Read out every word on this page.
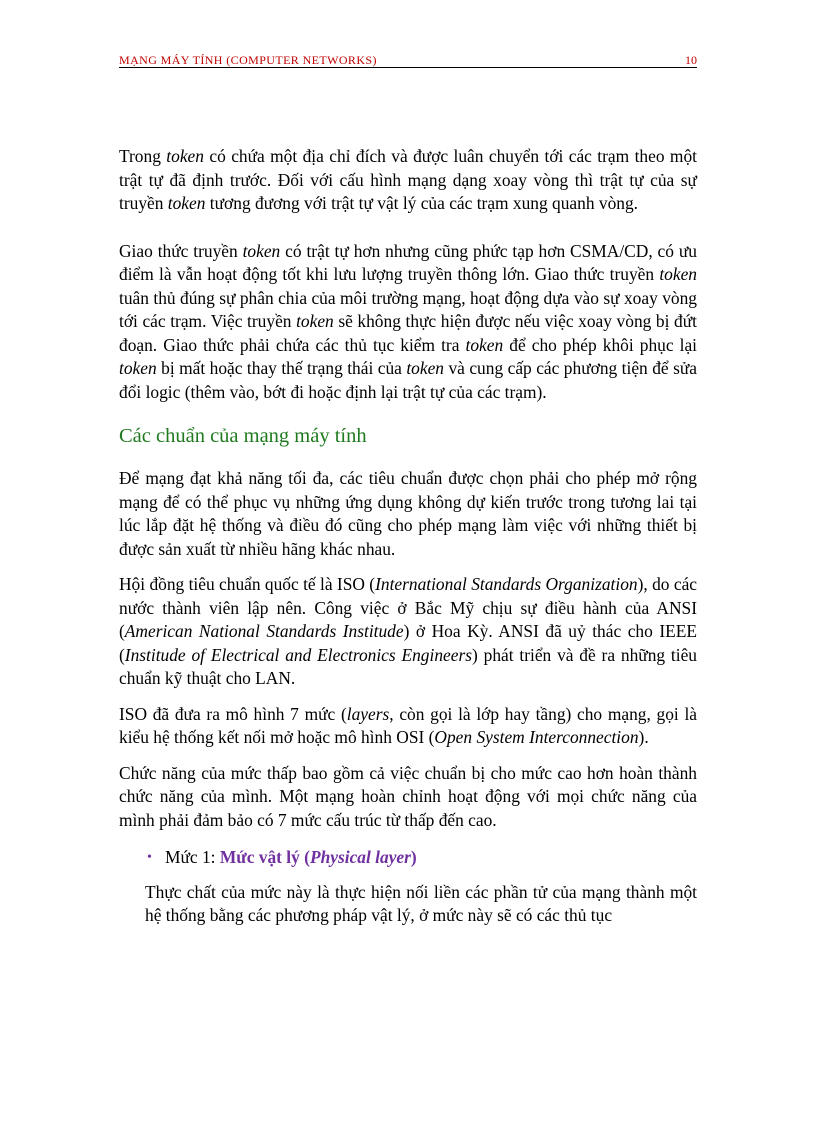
MẠNG MÁY TÍNH (COMPUTER NETWORKS)	10

Trong token có chứa một địa chỉ đích và được luân chuyển tới các trạm theo một trật tự đã định trước. Đối với cấu hình mạng dạng xoay vòng thì trật tự của sự truyền token tương đương với trật tự vật lý của các trạm xung quanh vòng.

Giao thức truyền token có trật tự hơn nhưng cũng phức tạp hơn CSMA/CD, có ưu điểm là vẫn hoạt động tốt khi lưu lượng truyền thông lớn. Giao thức truyền token tuân thủ đúng sự phân chia của môi trường mạng, hoạt động dựa vào sự xoay vòng tới các trạm. Việc truyền token sẽ không thực hiện được nếu việc xoay vòng bị đứt đoạn. Giao thức phải chứa các thủ tục kiểm tra token để cho phép khôi phục lại token bị mất hoặc thay thế trạng thái của token và cung cấp các phương tiện để sửa đổi logic (thêm vào, bớt đi hoặc định lại trật tự của các trạm).

Các chuẩn của mạng máy tính

Để mạng đạt khả năng tối đa, các tiêu chuẩn được chọn phải cho phép mở rộng mạng để có thể phục vụ những ứng dụng không dự kiến trước trong tương lai tại lúc lắp đặt hệ thống và điều đó cũng cho phép mạng làm việc với những thiết bị được sản xuất từ nhiều hãng khác nhau.

Hội đồng tiêu chuẩn quốc tế là ISO (International Standards Organization), do các nước thành viên lập nên. Công việc ở Bắc Mỹ chịu sự điều hành của ANSI (American National Standards Institude) ở Hoa Kỳ. ANSI đã uỷ thác cho IEEE (Institude of Electrical and Electronics Engineers) phát triển và đề ra những tiêu chuẩn kỹ thuật cho LAN.

ISO đã đưa ra mô hình 7 mức (layers, còn gọi là lớp hay tầng) cho mạng, gọi là kiểu hệ thống kết nối mở hoặc mô hình OSI (Open System Interconnection).

Chức năng của mức thấp bao gồm cả việc chuẩn bị cho mức cao hơn hoàn thành chức năng của mình. Một mạng hoàn chỉnh hoạt động với mọi chức năng của mình phải đảm bảo có 7 mức cấu trúc từ thấp đến cao.

• Mức 1: Mức vật lý (Physical layer)

Thực chất của mức này là thực hiện nối liền các phần tử của mạng thành một hệ thống bằng các phương pháp vật lý, ở mức này sẽ có các thủ tục
